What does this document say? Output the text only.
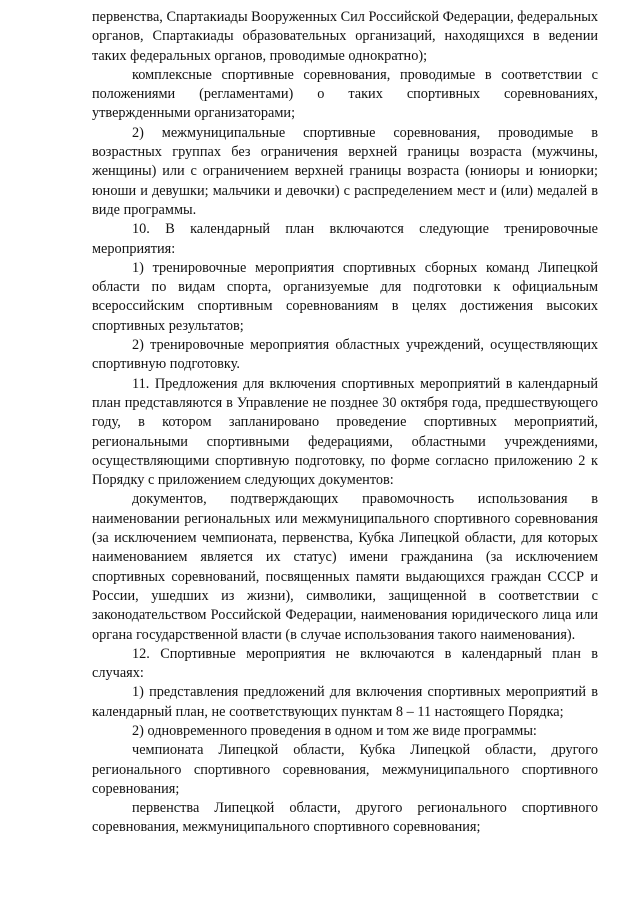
первенства, Спартакиады Вооруженных Сил Российской Федерации, федеральных органов, Спартакиады образовательных организаций, находящихся в ведении таких федеральных органов, проводимые однократно);

комплексные спортивные соревнования, проводимые в соответствии с положениями (регламентами) о таких спортивных соревнованиях, утвержденными организаторами;

2) межмуниципальные спортивные соревнования, проводимые в возрастных группах без ограничения верхней границы возраста (мужчины, женщины) или с ограничением верхней границы возраста (юниоры и юниорки; юноши и девушки; мальчики и девочки) с распределением мест и (или) медалей в виде программы.

10. В календарный план включаются следующие тренировочные мероприятия:

1) тренировочные мероприятия спортивных сборных команд Липецкой области по видам спорта, организуемые для подготовки к официальным всероссийским спортивным соревнованиям в целях достижения высоких спортивных результатов;

2) тренировочные мероприятия областных учреждений, осуществляющих спортивную подготовку.

11. Предложения для включения спортивных мероприятий в календарный план представляются в Управление не позднее 30 октября года, предшествующего году, в котором запланировано проведение спортивных мероприятий, региональными спортивными федерациями, областными учреждениями, осуществляющими спортивную подготовку, по форме согласно приложению 2 к Порядку с приложением следующих документов:

документов, подтверждающих правомочность использования в наименовании региональных или межмуниципального спортивного соревнования (за исключением чемпионата, первенства, Кубка Липецкой области, для которых наименованием является их статус) имени гражданина (за исключением спортивных соревнований, посвященных памяти выдающихся граждан СССР и России, ушедших из жизни), символики, защищенной в соответствии с законодательством Российской Федерации, наименования юридического лица или органа государственной власти (в случае использования такого наименования).

12. Спортивные мероприятия не включаются в календарный план в случаях:

1) представления предложений для включения спортивных мероприятий в календарный план, не соответствующих пунктам 8 – 11 настоящего Порядка;

2) одновременного проведения в одном и том же виде программы:

чемпионата Липецкой области, Кубка Липецкой области, другого регионального спортивного соревнования, межмуниципального спортивного соревнования;

первенства Липецкой области, другого регионального спортивного соревнования, межмуниципального спортивного соревнования;
